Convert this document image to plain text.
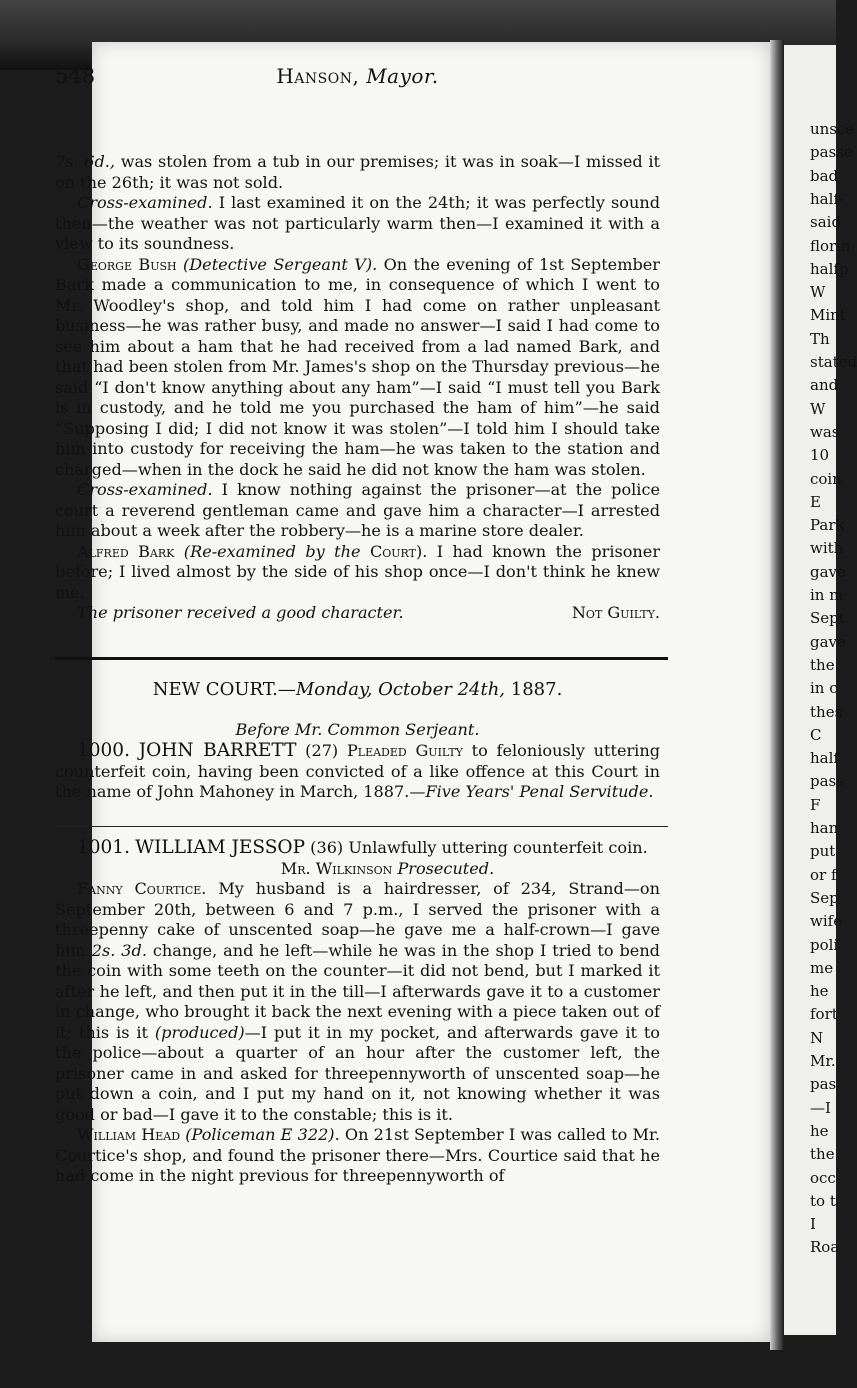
unsce
passe
bad
half-
said
florin
halfp
W
Mint
Th
stated
and
W
was
10
coin
E
Park
with
gave
in m
Sept
gave
the
in c
thes
C
half
pass
F
han
put
or f
Sep
wife
poli
me
he
fort
N
Mr.
pas
—I
he
the
occ
to t
I
Roa
548	Hanson, Mayor.

7s. 6d., was stolen from a tub in our premises; it was in soak—I missed it on the 26th; it was not sold.

Cross-examined. I last examined it on the 24th; it was perfectly sound then—the weather was not particularly warm then—I examined it with a view to its soundness.

George Bush (Detective Sergeant V). On the evening of 1st September Bark made a communication to me, in consequence of which I went to Mr. Woodley's shop, and told him I had come on rather unpleasant business—he was rather busy, and made no answer—I said I had come to see him about a ham that he had received from a lad named Bark, and that had been stolen from Mr. James's shop on the Thursday previous—he said “I don't know anything about any ham”—I said “I must tell you Bark is in custody, and he told me you purchased the ham of him”—he said “Supposing I did; I did not know it was stolen”—I told him I should take him into custody for receiving the ham—he was taken to the station and charged—when in the dock he said he did not know the ham was stolen.

Cross-examined. I know nothing against the prisoner—at the police court a reverend gentleman came and gave him a character—I arrested him about a week after the robbery—he is a marine store dealer.

Alfred Bark (Re-examined by the Court). I had known the prisoner before; I lived almost by the side of his shop once—I don't think he knew me.

The prisoner received a good character.	Not Guilty.

NEW COURT.—Monday, October 24th, 1887.
Before Mr. Common Serjeant.

1000. JOHN BARRETT (27) Pleaded Guilty to feloniously uttering counterfeit coin, having been convicted of a like offence at this Court in the name of John Mahoney in March, 1887.—Five Years' Penal Servitude.

1001. WILLIAM JESSOP (36) Unlawfully uttering counterfeit coin.

Mr. Wilkinson Prosecuted.

Fanny Courtice. My husband is a hairdresser, of 234, Strand—on September 20th, between 6 and 7 p.m., I served the prisoner with a threepenny cake of unscented soap—he gave me a half-crown—I gave him 2s. 3d. change, and he left—while he was in the shop I tried to bend the coin with some teeth on the counter—it did not bend, but I marked it after he left, and then put it in the till—I afterwards gave it to a customer in change, who brought it back the next evening with a piece taken out of it; this is it (produced)—I put it in my pocket, and afterwards gave it to the police—about a quarter of an hour after the customer left, the prisoner came in and asked for threepennyworth of unscented soap—he put down a coin, and I put my hand on it, not knowing whether it was good or bad—I gave it to the constable; this is it.

William Head (Policeman E 322). On 21st September I was called to Mr. Courtice's shop, and found the prisoner there—Mrs. Courtice said that he had come in the night previous for threepennyworth of
